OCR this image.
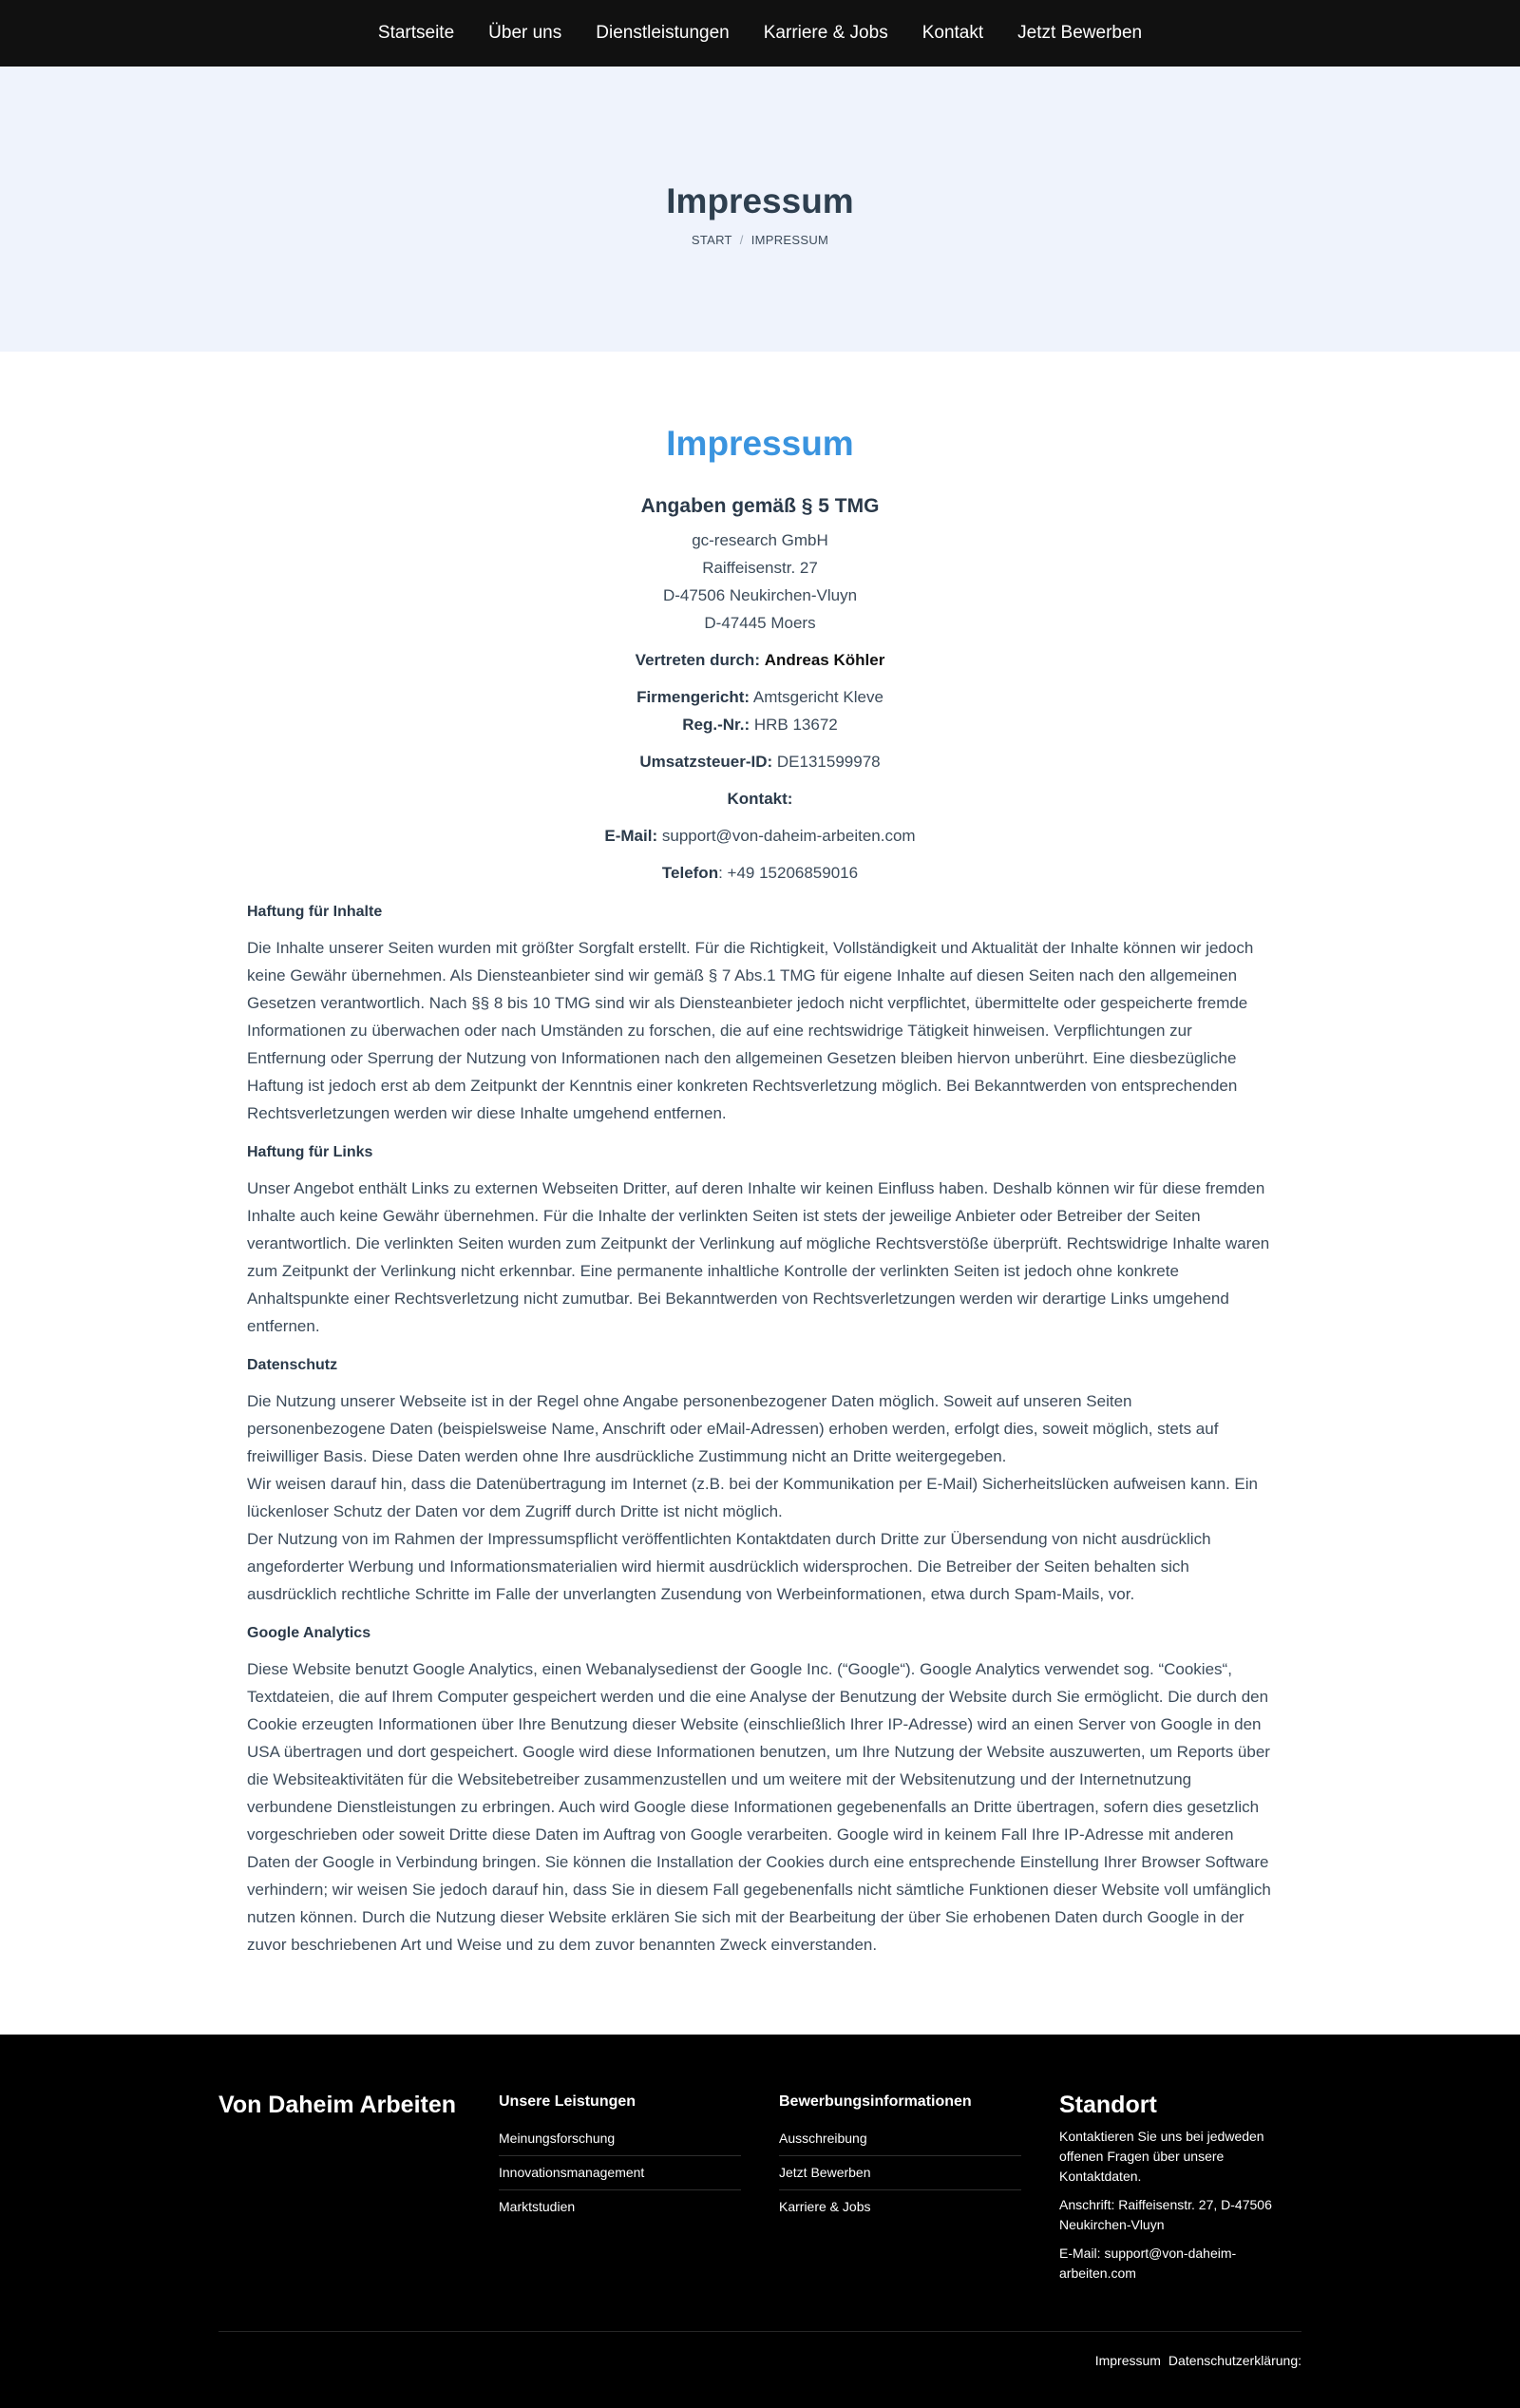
Startseite Über uns Dienstleistungen Karriere & Jobs Kontakt Jetzt Bewerben
Impressum
START / IMPRESSUM
Impressum
Angaben gemäß § 5 TMG
gc-research GmbH
Raiffeisenstr. 27
D-47506 Neukirchen-Vluyn
D-47445 Moers

Vertreten durch: Andreas Köhler

Firmengericht: Amtsgericht Kleve
Reg.-Nr.: HRB 13672

Umsatzsteuer-ID: DE131599978

Kontakt:

E-Mail: support@von-daheim-arbeiten.com

Telefon: +49 15206859016

Haftung für Inhalte

Die Inhalte unserer Seiten wurden mit größter Sorgfalt erstellt. Für die Richtigkeit, Vollständigkeit und Aktualität der Inhalte können wir jedoch keine Gewähr übernehmen. Als Diensteanbieter sind wir gemäß § 7 Abs.1 TMG für eigene Inhalte auf diesen Seiten nach den allgemeinen Gesetzen verantwortlich. Nach §§ 8 bis 10 TMG sind wir als Diensteanbieter jedoch nicht verpflichtet, übermittelte oder gespeicherte fremde Informationen zu überwachen oder nach Umständen zu forschen, die auf eine rechtswidrige Tätigkeit hinweisen. Verpflichtungen zur Entfernung oder Sperrung der Nutzung von Informationen nach den allgemeinen Gesetzen bleiben hiervon unberührt. Eine diesbezügliche Haftung ist jedoch erst ab dem Zeitpunkt der Kenntnis einer konkreten Rechtsverletzung möglich. Bei Bekanntwerden von entsprechenden Rechtsverletzungen werden wir diese Inhalte umgehend entfernen.

Haftung für Links

Unser Angebot enthält Links zu externen Webseiten Dritter, auf deren Inhalte wir keinen Einfluss haben. Deshalb können wir für diese fremden Inhalte auch keine Gewähr übernehmen. Für die Inhalte der verlinkten Seiten ist stets der jeweilige Anbieter oder Betreiber der Seiten verantwortlich. Die verlinkten Seiten wurden zum Zeitpunkt der Verlinkung auf mögliche Rechtsverstöße überprüft. Rechtswidrige Inhalte waren zum Zeitpunkt der Verlinkung nicht erkennbar. Eine permanente inhaltliche Kontrolle der verlinkten Seiten ist jedoch ohne konkrete Anhaltspunkte einer Rechtsverletzung nicht zumutbar. Bei Bekanntwerden von Rechtsverletzungen werden wir derartige Links umgehend entfernen.

Datenschutz

Die Nutzung unserer Webseite ist in der Regel ohne Angabe personenbezogener Daten möglich. Soweit auf unseren Seiten personenbezogene Daten (beispielsweise Name, Anschrift oder eMail-Adressen) erhoben werden, erfolgt dies, soweit möglich, stets auf freiwilliger Basis. Diese Daten werden ohne Ihre ausdrückliche Zustimmung nicht an Dritte weitergegeben.

Wir weisen darauf hin, dass die Datenübertragung im Internet (z.B. bei der Kommunikation per E-Mail) Sicherheitslücken aufweisen kann. Ein lückenloser Schutz der Daten vor dem Zugriff durch Dritte ist nicht möglich.

Der Nutzung von im Rahmen der Impressumspflicht veröffentlichten Kontaktdaten durch Dritte zur Übersendung von nicht ausdrücklich angeforderter Werbung und Informationsmaterialien wird hiermit ausdrücklich widersprochen. Die Betreiber der Seiten behalten sich ausdrücklich rechtliche Schritte im Falle der unverlangten Zusendung von Werbeinformationen, etwa durch Spam-Mails, vor.

Google Analytics

Diese Website benutzt Google Analytics, einen Webanalysedienst der Google Inc. (“Google“). Google Analytics verwendet sog. “Cookies“, Textdateien, die auf Ihrem Computer gespeichert werden und die eine Analyse der Benutzung der Website durch Sie ermöglicht. Die durch den Cookie erzeugten Informationen über Ihre Benutzung dieser Website (einschließlich Ihrer IP-Adresse) wird an einen Server von Google in den USA übertragen und dort gespeichert. Google wird diese Informationen benutzen, um Ihre Nutzung der Website auszuwerten, um Reports über die Websiteaktivitäten für die Websitebetreiber zusammenzustellen und um weitere mit der Websitenutzung und der Internetnutzung verbundene Dienstleistungen zu erbringen. Auch wird Google diese Informationen gegebenenfalls an Dritte übertragen, sofern dies gesetzlich vorgeschrieben oder soweit Dritte diese Daten im Auftrag von Google verarbeiten. Google wird in keinem Fall Ihre IP-Adresse mit anderen Daten der Google in Verbindung bringen. Sie können die Installation der Cookies durch eine entsprechende Einstellung Ihrer Browser Software verhindern; wir weisen Sie jedoch darauf hin, dass Sie in diesem Fall gegebenenfalls nicht sämtliche Funktionen dieser Website voll umfänglich nutzen können. Durch die Nutzung dieser Website erklären Sie sich mit der Bearbeitung der über Sie erhobenen Daten durch Google in der zuvor beschriebenen Art und Weise und zu dem zuvor benannten Zweck einverstanden.

Von Daheim Arbeiten	Unsere Leistungen
Meinungsforschung
Innovationsmanagement
Marktstudien
Bewerbungsinformationen
Ausschreibung
Jetzt Bewerben
Karriere & Jobs
Standort

Kontaktieren Sie uns bei jedweden offenen Fragen über unsere Kontaktdaten.

Anschrift: Raiffeisenstr. 27, D-47506 Neukirchen-Vluyn

E-Mail: support@von-daheim-arbeiten.com

Impressum Datenschutzerklärung:
